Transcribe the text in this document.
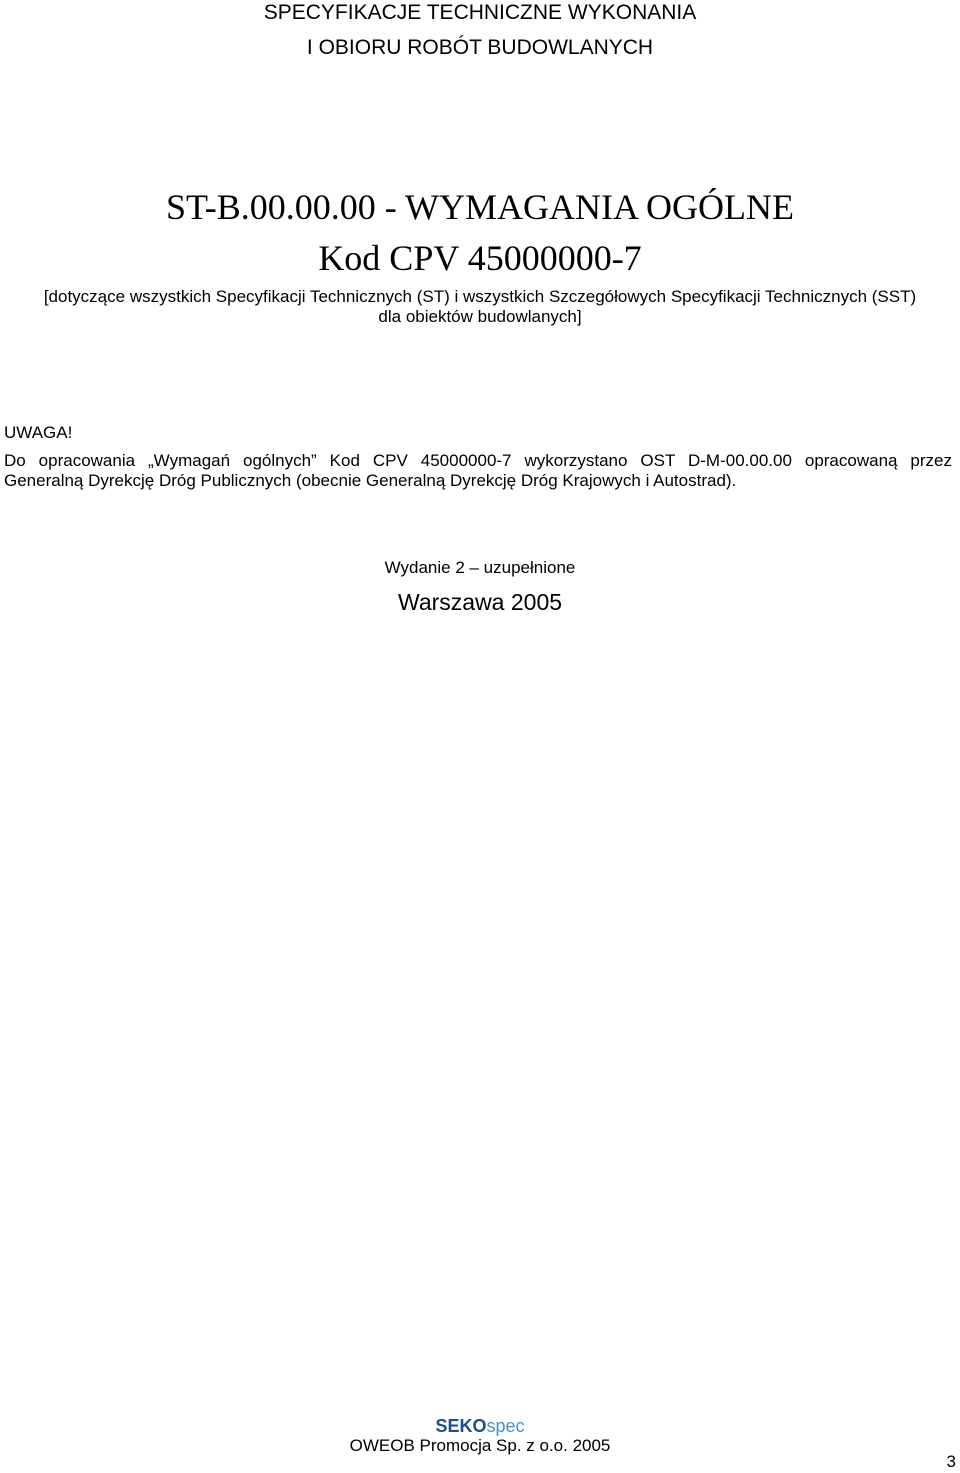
SPECYFIKACJE TECHNICZNE WYKONANIA
I OBIORU ROBÓT BUDOWLANYCH
ST-B.00.00.00 - WYMAGANIA OGÓLNE
Kod CPV 45000000-7
[dotyczące wszystkich Specyfikacji Technicznych (ST) i wszystkich Szczegółowych Specyfikacji Technicznych (SST)
dla obiektów budowlanych]
UWAGA!
Do opracowania „Wymagań ogólnych” Kod CPV 45000000-7 wykorzystano OST D-M-00.00.00 opracowaną przez
Generalną Dyrekcję Dróg Publicznych (obecnie Generalną Dyrekcję Dróg Krajowych i Autostrad).
Wydanie 2 – uzupełnione
Warszawa 2005
SEKOspec
OWEOB Promocja Sp. z o.o. 2005
3
